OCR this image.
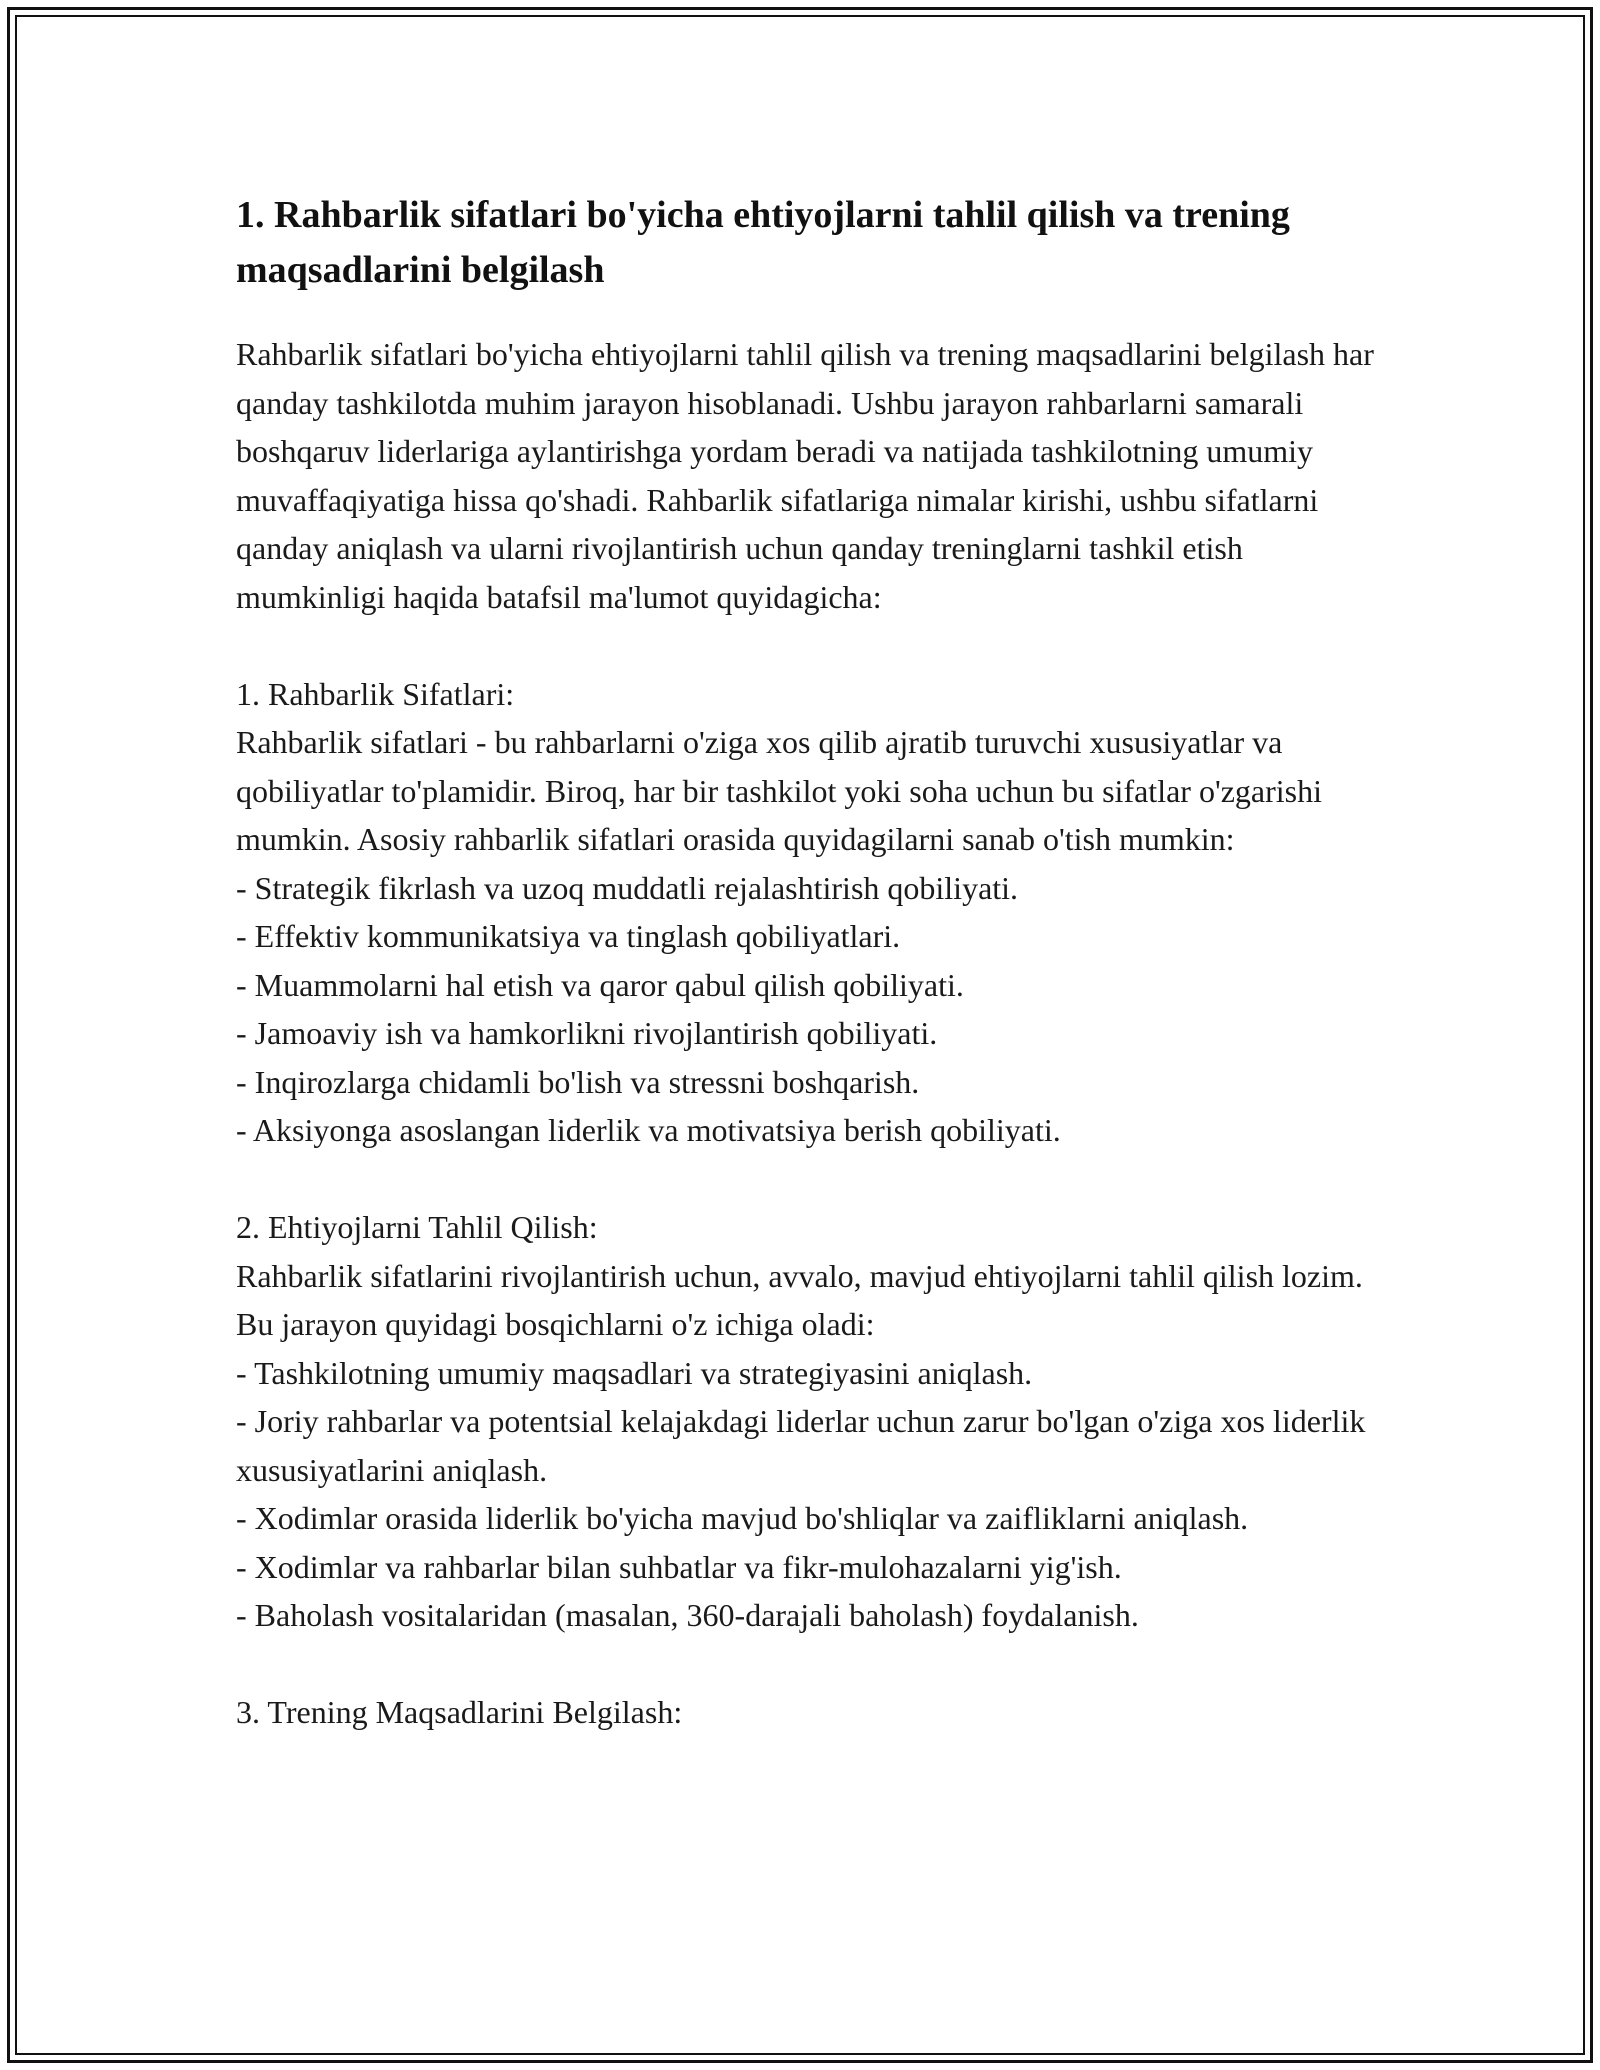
1. Rahbarlik sifatlari bo'yicha ehtiyojlarni tahlil qilish va trening maqsadlarini belgilash

Rahbarlik sifatlari bo'yicha ehtiyojlarni tahlil qilish va trening maqsadlarini belgilash har qanday tashkilotda muhim jarayon hisoblanadi. Ushbu jarayon rahbarlarni samarali boshqaruv liderlariga aylantirishga yordam beradi va natijada tashkilotning umumiy muvaffaqiyatiga hissa qo'shadi. Rahbarlik sifatlariga nimalar kirishi, ushbu sifatlarni qanday aniqlash va ularni rivojlantirish uchun qanday treninglarni tashkil etish mumkinligi haqida batafsil ma'lumot quyidagicha:

1. Rahbarlik Sifatlari:
Rahbarlik sifatlari - bu rahbarlarni o'ziga xos qilib ajratib turuvchi xususiyatlar va qobiliyatlar to'plamidir. Biroq, har bir tashkilot yoki soha uchun bu sifatlar o'zgarishi mumkin. Asosiy rahbarlik sifatlari orasida quyidagilarni sanab o'tish mumkin:
- Strategik fikrlash va uzoq muddatli rejalashtirish qobiliyati.
- Effektiv kommunikatsiya va tinglash qobiliyatlari.
- Muammolarni hal etish va qaror qabul qilish qobiliyati.
- Jamoaviy ish va hamkorlikni rivojlantirish qobiliyati.
- Inqirozlarga chidamli bo'lish va stressni boshqarish.
- Aksiyonga asoslangan liderlik va motivatsiya berish qobiliyati.
2. Ehtiyojlarni Tahlil Qilish:
Rahbarlik sifatlarini rivojlantirish uchun, avvalo, mavjud ehtiyojlarni tahlil qilish lozim. Bu jarayon quyidagi bosqichlarni o'z ichiga oladi:
- Tashkilotning umumiy maqsadlari va strategiyasini aniqlash.
- Joriy rahbarlar va potentsial kelajakdagi liderlar uchun zarur bo'lgan o'ziga xos liderlik xususiyatlarini aniqlash.
- Xodimlar orasida liderlik bo'yicha mavjud bo'shliqlar va zaifliklarni aniqlash.
- Xodimlar va rahbarlar bilan suhbatlar va fikr-mulohazalarni yig'ish.
- Baholash vositalaridan (masalan, 360-darajali baholash) foydalanish.
3. Trening Maqsadlarini Belgilash:
